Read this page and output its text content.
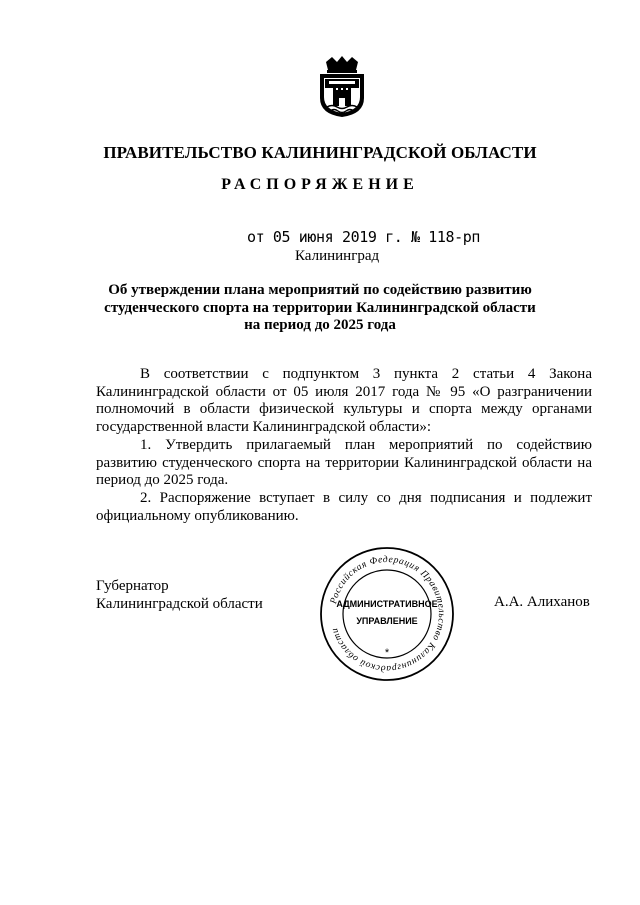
ПРАВИТЕЛЬСТВО КАЛИНИНГРАДСКОЙ ОБЛАСТИ
РАСПОРЯЖЕНИЕ
от 05 июня 2019 г. № 118-рп
Калининград
Об утверждении плана мероприятий по содействию развитию
студенческого спорта на территории Калининградской области
на период до 2025 года

В соответствии с подпунктом 3 пункта 2 статьи 4 Закона Калининградской области от 05 июля 2017 года № 95 «О разграничении полномочий в области физической культуры и спорта между органами государственной власти Калининградской области»:

1. Утвердить прилагаемый план мероприятий по содействию развитию студенческого спорта на территории Калининградской области на период до 2025 года.

2. Распоряжение вступает в силу со дня подписания и подлежит официальному опубликованию.

Губернатор
Калининградской области	А.А. Алиханов
Российская Федерация Правительство Калининградской области
АДМИНИСТРАТИВНОЕ
УПРАВЛЕНИЕ
*
